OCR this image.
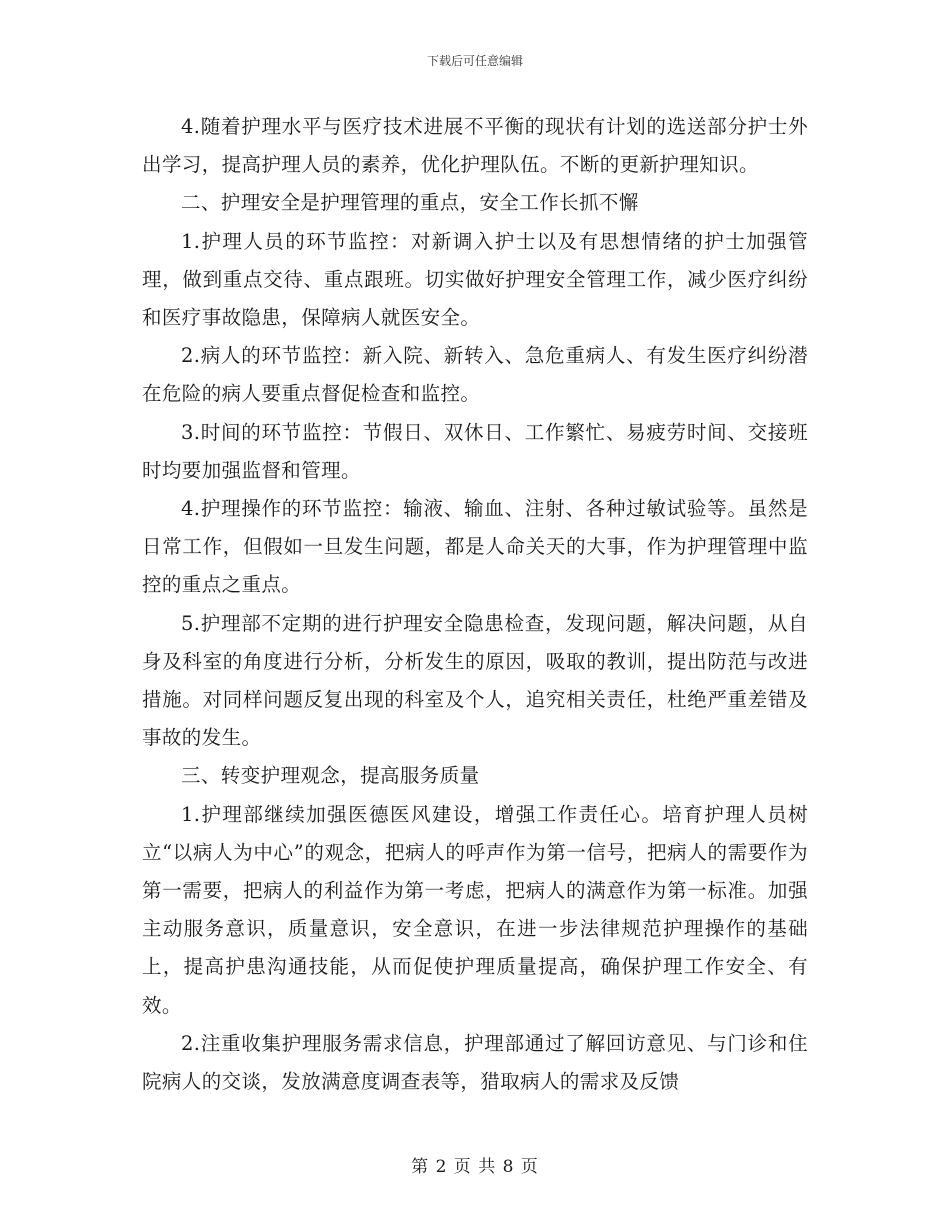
下载后可任意编辑

4.随着护理水平与医疗技术进展不平衡的现状有计划的选送部分护士外出学习，提高护理人员的素养，优化护理队伍。不断的更新护理知识。

二、护理安全是护理管理的重点，安全工作长抓不懈

1.护理人员的环节监控：对新调入护士以及有思想情绪的护士加强管理，做到重点交待、重点跟班。切实做好护理安全管理工作，减少医疗纠纷和医疗事故隐患，保障病人就医安全。

2.病人的环节监控：新入院、新转入、急危重病人、有发生医疗纠纷潜在危险的病人要重点督促检查和监控。

3.时间的环节监控：节假日、双休日、工作繁忙、易疲劳时间、交接班时均要加强监督和管理。

4.护理操作的环节监控：输液、输血、注射、各种过敏试验等。虽然是日常工作，但假如一旦发生问题，都是人命关天的大事，作为护理管理中监控的重点之重点。

5.护理部不定期的进行护理安全隐患检查，发现问题，解决问题，从自身及科室的角度进行分析，分析发生的原因，吸取的教训，提出防范与改进措施。对同样问题反复出现的科室及个人，追究相关责任，杜绝严重差错及事故的发生。

三、转变护理观念，提高服务质量

1.护理部继续加强医德医风建设，增强工作责任心。培育护理人员树立“以病人为中心”的观念，把病人的呼声作为第一信号，把病人的需要作为第一需要，把病人的利益作为第一考虑，把病人的满意作为第一标准。加强主动服务意识，质量意识，安全意识，在进一步法律规范护理操作的基础上，提高护患沟通技能，从而促使护理质量提高，确保护理工作安全、有效。

2.注重收集护理服务需求信息，护理部通过了解回访意见、与门诊和住院病人的交谈，发放满意度调查表等，猎取病人的需求及反馈

第 2 页 共 8 页
